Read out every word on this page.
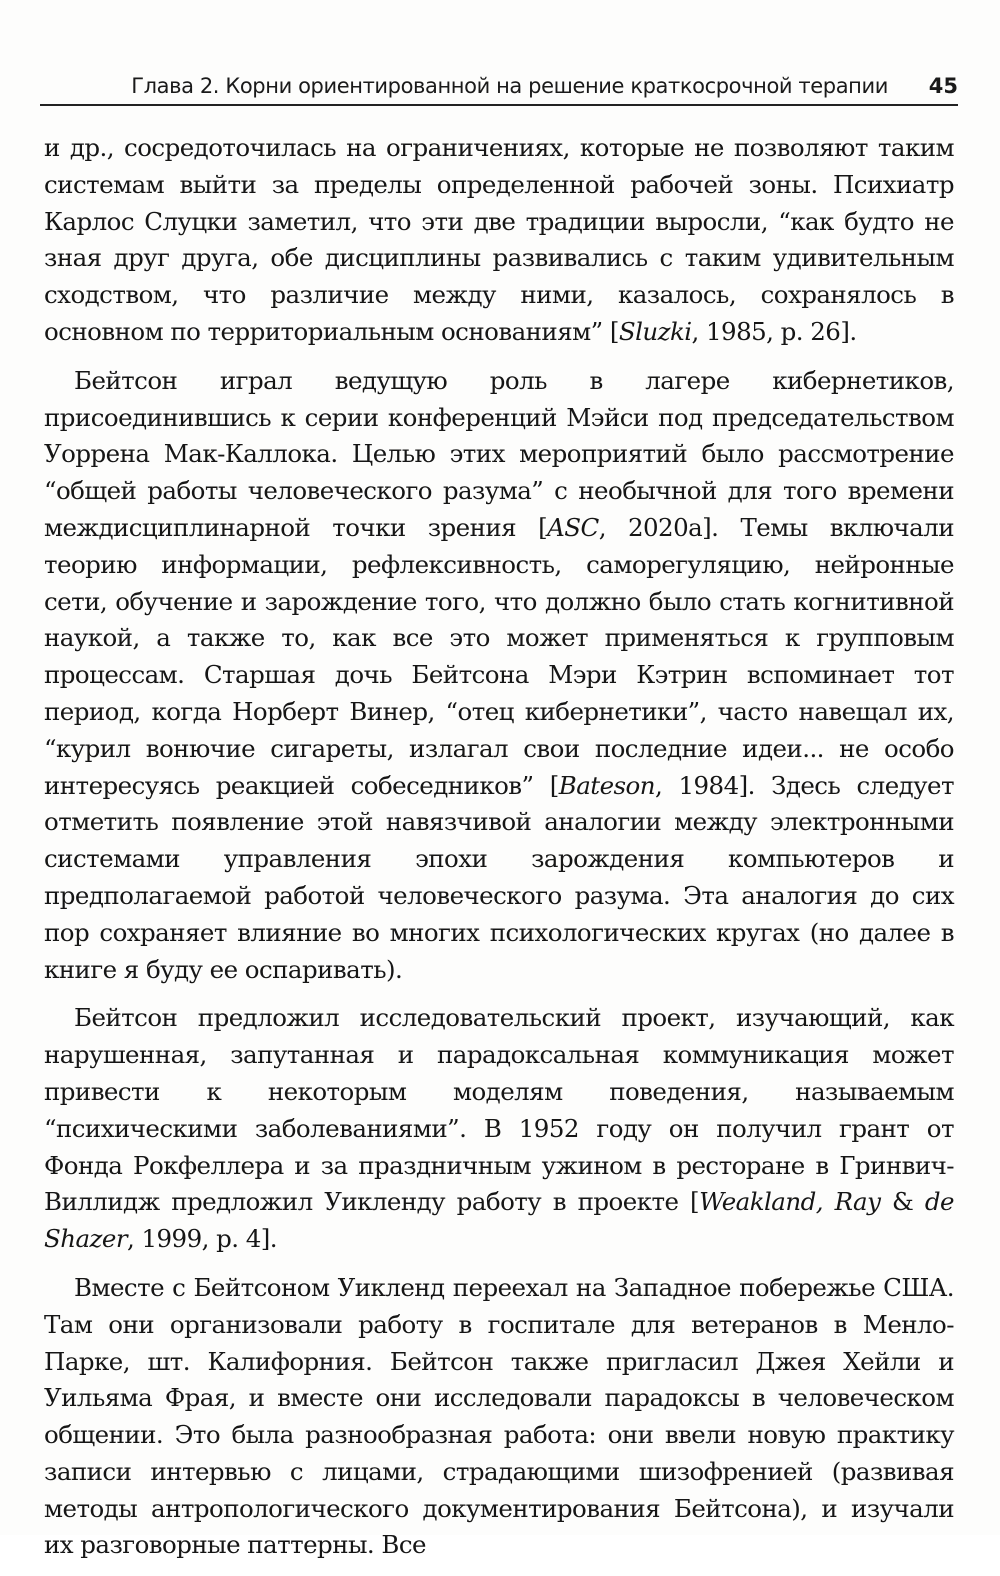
Глава 2. Корни ориентированной на решение краткосрочной терапии 45

и др., сосредоточилась на ограничениях, которые не позволяют таким системам выйти за пределы определенной рабочей зоны. Психиатр Карлос Слуцки заметил, что эти две традиции выросли, “как будто не зная друг друга, обе дисциплины развивались с таким удивительным сходством, что различие между ними, казалось, сохранялось в основном по территориальным основаниям” [Sluzki, 1985, p. 26].

Бейтсон играл ведущую роль в лагере кибернетиков, присоединившись к серии конференций Мэйси под председательством Уоррена Мак-Каллока. Целью этих мероприятий было рассмотрение “общей работы человеческого разума” с необычной для того времени междисциплинарной точки зрения [ASC, 2020a]. Темы включали теорию информации, рефлексивность, саморегуляцию, нейронные сети, обучение и зарождение того, что должно было стать когнитивной наукой, а также то, как все это может применяться к групповым процессам. Старшая дочь Бейтсона Мэри Кэтрин вспоминает тот период, когда Норберт Винер, “отец кибернетики”, часто навещал их, “курил вонючие сигареты, излагал свои последние идеи... не особо интересуясь реакцией собеседников” [Bateson, 1984]. Здесь следует отметить появление этой навязчивой аналогии между электронными системами управления эпохи зарождения компьютеров и предполагаемой работой человеческого разума. Эта аналогия до сих пор сохраняет влияние во многих психологических кругах (но далее в книге я буду ее оспаривать).

Бейтсон предложил исследовательский проект, изучающий, как нарушенная, запутанная и парадоксальная коммуникация может привести к некоторым моделям поведения, называемым “психическими заболеваниями”. В 1952 году он получил грант от Фонда Рокфеллера и за праздничным ужином в ресторане в Гринвич-Виллидж предложил Уикленду работу в проекте [Weakland, Ray & de Shazer, 1999, p. 4].

Вместе с Бейтсоном Уикленд переехал на Западное побережье США. Там они организовали работу в госпитале для ветеранов в Менло-Парке, шт. Калифорния. Бейтсон также пригласил Джея Хейли и Уильяма Фрая, и вместе они исследовали парадоксы в человеческом общении. Это была разнообразная работа: они ввели новую практику записи интервью с лицами, страдающими шизофренией (развивая методы антропологического документирования Бейтсона), и изучали их разговорные паттерны. Все
